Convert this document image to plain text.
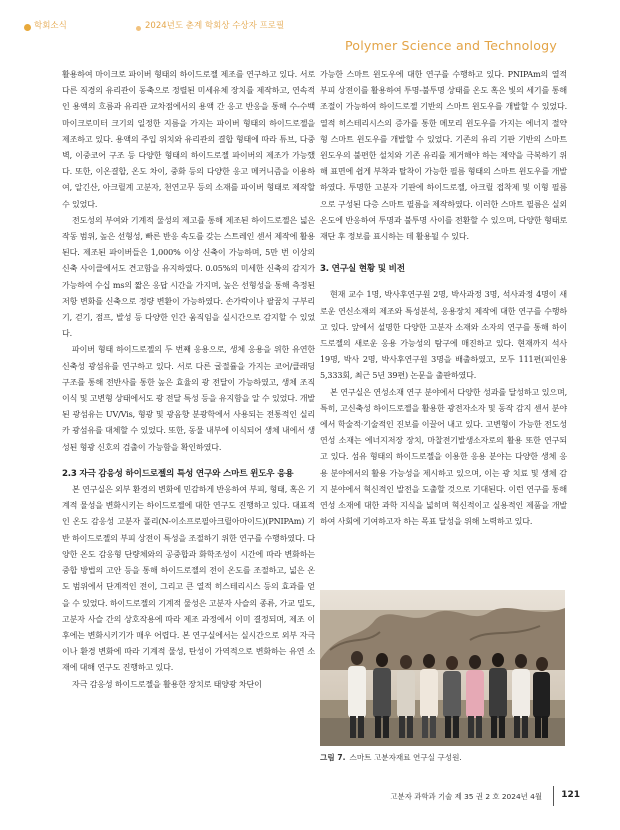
학회소식	2024년도 춘계 학회상 수상자 프로필
Polymer Science and Technology

활용하여 마이크로 파이버 형태의 하이드로젤 제조를 연구하고 있다. 서로 다른 직경의 유리관이 동축으로 정렬된 미세유체 장치를 제작하고, 연속적인 용액의 흐름과 유리관 교차점에서의 용액 간 응고 반응을 통해 수-수백 마이크로미터 크기의 일정한 지름을 가지는 파이버 형태의 하이드로젤을 제조하고 있다. 용액의 주입 위치와 유리관의 결합 형태에 따라 튜브, 다중벽, 이중코어 구조 등 다양한 형태의 하이드로젤 파이버의 제조가 가능했다. 또한, 이온결합, 온도 차이, 중화 등의 다양한 응고 메커니즘을 이용하여, 알긴산, 아크릴계 고분자, 천연고무 등의 소재를 파이버 형태로 제작할 수 있었다.

전도성의 부여와 기계적 물성의 제고를 통해 제조된 하이드로젤은 넓은 작동 범위, 높은 선형성, 빠른 반응 속도를 갖는 스트레인 센서 제작에 활용된다. 제조된 파이버들은 1,000% 이상 신축이 가능하며, 5만 번 이상의 신축 사이클에서도 견고함을 유지하였다. 0.05%의 미세한 신축의 감지가 가능하여 수십 ms의 짧은 응답 시간을 가지며, 높은 선형성을 통해 측정된 저항 변화를 신축으로 정량 변환이 가능하였다. 손가락이나 팔꿈치 구부리기, 걷기, 점프, 발성 등 다양한 인간 움직임을 실시간으로 감지할 수 있었다.

파이버 형태 하이드로젤의 두 번째 응용으로, 생체 응용을 위한 유연한 신축성 광섬유를 연구하고 있다. 서로 다른 굴절률을 가지는 코어/클래딩 구조를 통해 전반사를 통한 높은 효율의 광 전달이 가능하였고, 생체 조직 이식 및 고변형 상태에서도 광 전달 특성 등을 유지함을 알 수 있었다. 개발된 광섬유는 UV/Vis, 형광 및 광음향 분광학에서 사용되는 전통적인 실리카 광섬유를 대체할 수 있었다. 또한, 동물 내부에 이식되어 생체 내에서 생성된 형광 신호의 검출이 가능함을 확인하였다.

2.3 자극 감응성 하이드로젤의 특성 연구와 스마트 윈도우 응용

본 연구실은 외부 환경의 변화에 민감하게 반응하여 부피, 형태, 혹은 기계적 물성을 변화시키는 하이드로젤에 대한 연구도 진행하고 있다. 대표적인 온도 감응성 고분자 폴리(N-이소프로필아크릴아마이드)(PNIPAm) 기반 하이드로젤의 부피 상전이 특성을 조절하기 위한 연구를 수행하였다. 다양한 온도 감응형 단량체와의 공중합과 화학조성이 시간에 따라 변화하는 중합 방법의 고안 등을 통해 하이드로젤의 전이 온도를 조절하고, 넓은 온도 범위에서 단계적인 전이, 그리고 큰 열적 히스테리시스 등의 효과를 얻을 수 있었다. 하이드로젤의 기계적 물성은 고분자 사슬의 종류, 가교 밀도, 고분자 사슬 간의 상호작용에 따라 제조 과정에서 이미 결정되며, 제조 이후에는 변화시키기가 매우 어렵다. 본 연구실에서는 실시간으로 외부 자극이나 환경 변화에 따라 기계적 물성, 탄성이 가역적으로 변화하는 유연 소재에 대해 연구도 진행하고 있다.

자극 감응성 하이드로젤을 활용한 장치로 태양광 차단이

가능한 스마트 윈도우에 대한 연구를 수행하고 있다. PNIPAm의 열적 부피 상전이를 활용하여 투명-불투명 상태를 온도 혹은 빛의 세기를 통해 조절이 가능하여 하이드로젤 기반의 스마트 윈도우를 개발할 수 있었다. 열적 히스테리시스의 증가를 통한 메모리 윈도우를 가지는 에너지 절약형 스마트 윈도우를 개발할 수 있었다. 기존의 유리 기판 기반의 스마트 윈도우의 불편한 설치와 기존 유리를 제거해야 하는 제약을 극복하기 위해 표면에 쉽게 부착과 탈착이 가능한 필름 형태의 스마트 윈도우를 개발하였다. 투명한 고분자 기판에 하이드로젤, 아크릴 접착제 및 이형 필름으로 구성된 다층 스마트 필름을 제작하였다. 이러한 스마트 필름은 실외 온도에 반응하여 투명과 불투명 사이를 전환할 수 있으며, 다양한 형태로 재단 후 정보를 표시하는 데 활용될 수 있다.

3. 연구실 현황 및 비전

현재 교수 1명, 박사후연구원 2명, 박사과정 3명, 석사과정 4명이 새로운 연신소재의 제조와 특성분석, 응용장치 제작에 대한 연구를 수행하고 있다. 앞에서 설명한 다양한 고분자 소재와 소자의 연구를 통해 하이드로젤의 새로운 응용 가능성의 탐구에 매진하고 있다. 현재까지 석사 19명, 박사 2명, 박사후연구원 3명을 배출하였고, 모두 111편(피인용 5,333회, 최근 5년 39편) 논문을 출판하였다.

본 연구실은 연성소재 연구 분야에서 다양한 성과를 달성하고 있으며, 특히, 고신축성 하이드로젤을 활용한 광전자소자 및 동작 감지 센서 분야에서 학술적·기술적인 진보를 이끌어 내고 있다. 고변형이 가능한 전도성 연성 소재는 에너지저장 장치, 마찰전기발생소자로의 활용 또한 연구되고 있다. 섬유 형태의 하이드로젤을 이용한 응용 분야는 다양한 생체 응용 분야에서의 활용 가능성을 제시하고 있으며, 이는 광 치료 및 생체 감지 분야에서 혁신적인 발전을 도출할 것으로 기대된다. 이런 연구를 통해 연성 소재에 대한 과학 지식을 넓히며 혁신적이고 실용적인 제품을 개발하여 사회에 기여하고자 하는 목표 달성을 위해 노력하고 있다.

그림 7. 스마트 고분자재료 연구실 구성원.
고분자 과학과 기술 제 35 권 2 호 2024년 4월 121
